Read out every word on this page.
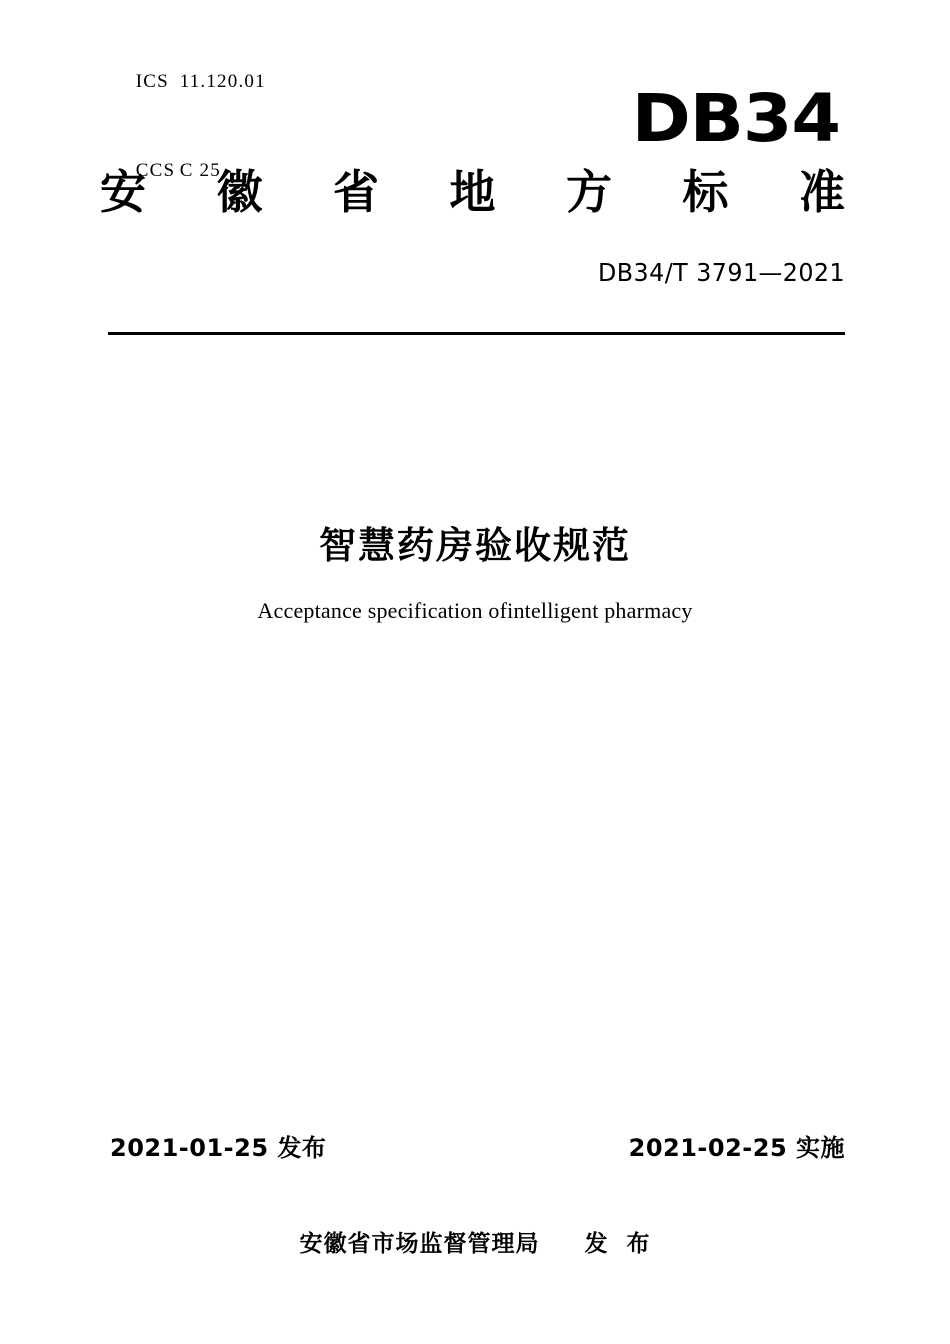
ICS 11.120.01

CCS C 25

DB34
安 徽 省 地 方 标 准
DB34/T 3791—2021
智慧药房验收规范
Acceptance specification ofintelligent pharmacy
2021-01-25 发布	2021-02-25 实施
安徽省市场监督管理局     发  布
